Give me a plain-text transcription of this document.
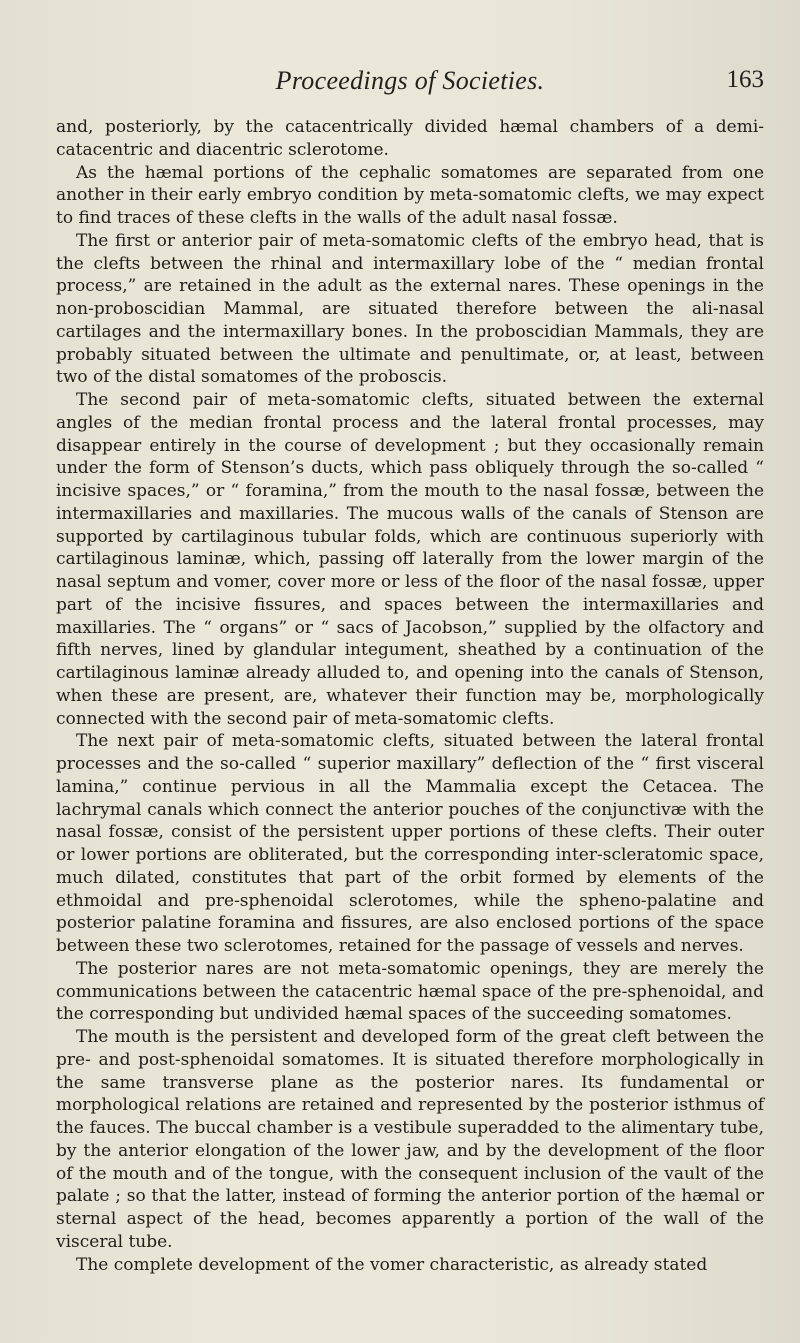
Proceedings of Societies.	163

and, posteriorly, by the catacentrically divided hæmal chambers of a demi-catacentric and diacentric sclerotome.

As the hæmal portions of the cephalic somatomes are separated from one another in their early embryo condition by meta-somatomic clefts, we may expect to find traces of these clefts in the walls of the adult nasal fossæ.

The first or anterior pair of meta-somatomic clefts of the embryo head, that is the clefts between the rhinal and intermaxillary lobe of the “ median frontal process,” are retained in the adult as the external nares. These openings in the non-proboscidian Mammal, are situated therefore between the ali-nasal cartilages and the intermaxillary bones. In the proboscidian Mammals, they are probably situated between the ultimate and penultimate, or, at least, between two of the distal somatomes of the proboscis.

The second pair of meta-somatomic clefts, situated between the external angles of the median frontal process and the lateral frontal processes, may disappear entirely in the course of development ; but they occasionally remain under the form of Stenson’s ducts, which pass obliquely through the so-called “ incisive spaces,” or “ foramina,” from the mouth to the nasal fossæ, between the intermaxillaries and maxillaries. The mucous walls of the canals of Stenson are supported by cartilaginous tubular folds, which are continuous superiorly with cartilaginous laminæ, which, passing off laterally from the lower margin of the nasal septum and vomer, cover more or less of the floor of the nasal fossæ, upper part of the incisive fissures, and spaces between the intermaxillaries and maxillaries. The “ organs” or “ sacs of Jacobson,” supplied by the olfactory and fifth nerves, lined by glandular integument, sheathed by a continuation of the cartilaginous laminæ already alluded to, and opening into the canals of Stenson, when these are present, are, whatever their function may be, morphologically connected with the second pair of meta-somatomic clefts.

The next pair of meta-somatomic clefts, situated between the lateral frontal processes and the so-called “ superior maxillary” deflection of the “ first visceral lamina,” continue pervious in all the Mammalia except the Cetacea. The lachrymal canals which connect the anterior pouches of the conjunctivæ with the nasal fossæ, consist of the persistent upper portions of these clefts. Their outer or lower portions are obliterated, but the corresponding inter-scleratomic space, much dilated, constitutes that part of the orbit formed by elements of the ethmoidal and pre-sphenoidal sclerotomes, while the spheno-palatine and posterior palatine foramina and fissures, are also enclosed portions of the space between these two sclerotomes, retained for the passage of vessels and nerves.

The posterior nares are not meta-somatomic openings, they are merely the communications between the catacentric hæmal space of the pre-sphenoidal, and the corresponding but undivided hæmal spaces of the succeeding somatomes.

The mouth is the persistent and developed form of the great cleft between the pre- and post-sphenoidal somatomes. It is situated therefore morphologically in the same transverse plane as the posterior nares. Its fundamental or morphological relations are retained and represented by the posterior isthmus of the fauces. The buccal chamber is a vestibule superadded to the alimentary tube, by the anterior elongation of the lower jaw, and by the development of the floor of the mouth and of the tongue, with the consequent inclusion of the vault of the palate ; so that the latter, instead of forming the anterior portion of the hæmal or sternal aspect of the head, becomes apparently a portion of the wall of the visceral tube.

The complete development of the vomer characteristic, as already stated
